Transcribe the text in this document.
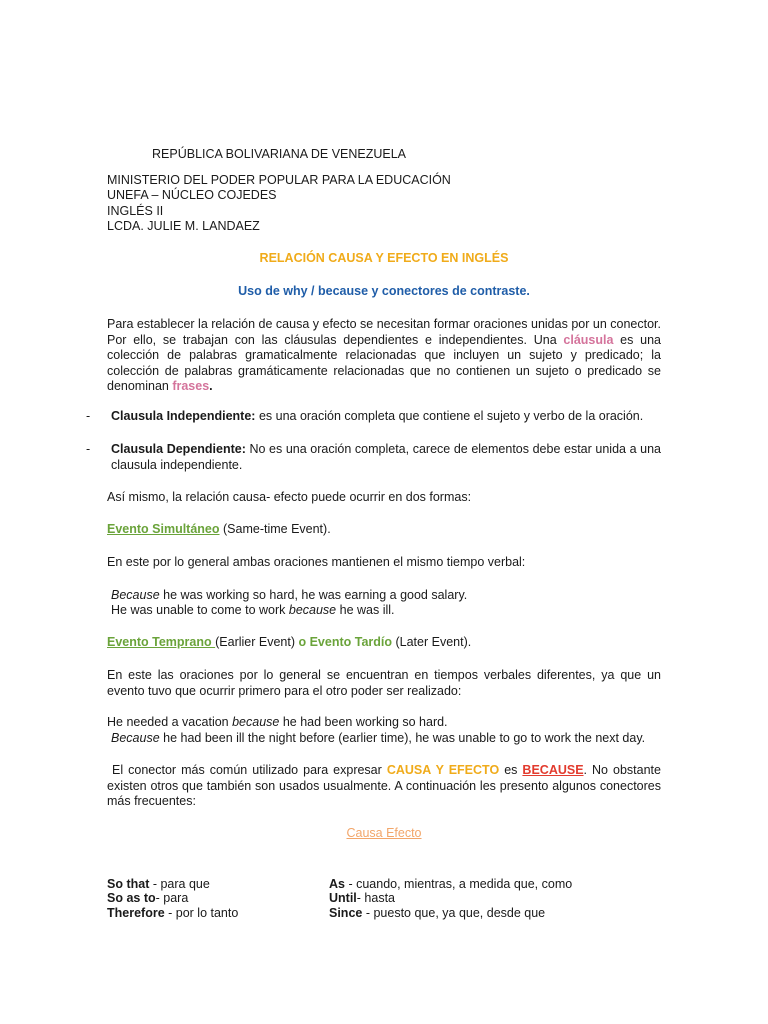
REPÚBLICA BOLIVARIANA DE VENEZUELA
MINISTERIO DEL PODER POPULAR PARA LA EDUCACIÓN
UNEFA – NÚCLEO COJEDES
INGLÉS II
LCDA. JULIE M. LANDAEZ
RELACIÓN CAUSA Y EFECTO EN INGLÉS
Uso de why / because y conectores de contraste.
Para establecer la relación de causa y efecto se necesitan formar oraciones unidas por un conector. Por ello, se trabajan con las cláusulas dependientes e independientes. Una cláusula es una colección de palabras gramaticalmente relacionadas que incluyen un sujeto y predicado; la colección de palabras gramáticamente relacionadas que no contienen un sujeto o predicado se denominan frases.
- Clausula Independiente: es una oración completa que contiene el sujeto y verbo de la oración.
- Clausula Dependiente: No es una oración completa, carece de elementos debe estar unida a una clausula independiente.
Así mismo, la relación causa- efecto puede ocurrir en dos formas:
Evento Simultáneo (Same-time Event).
En este por lo general ambas oraciones mantienen el mismo tiempo verbal:
Because he was working so hard, he was earning a good salary.
He was unable to come to work because he was ill.
Evento Temprano (Earlier Event) o Evento Tardío (Later Event).
En este las oraciones por lo general se encuentran en tiempos verbales diferentes, ya que un evento tuvo que ocurrir primero para el otro poder ser realizado:
He needed a vacation because he had been working so hard.
Because he had been ill the night before (earlier time), he was unable to go to work the next day.
El conector más común utilizado para expresar CAUSA Y EFECTO es BECAUSE. No obstante existen otros que también son usados usualmente. A continuación les presento algunos conectores más frecuentes:
Causa Efecto
So that - para que
So as to- para
Therefore - por lo tanto
As - cuando, mientras, a medida que, como
Until- hasta
Since - puesto que, ya que, desde que
